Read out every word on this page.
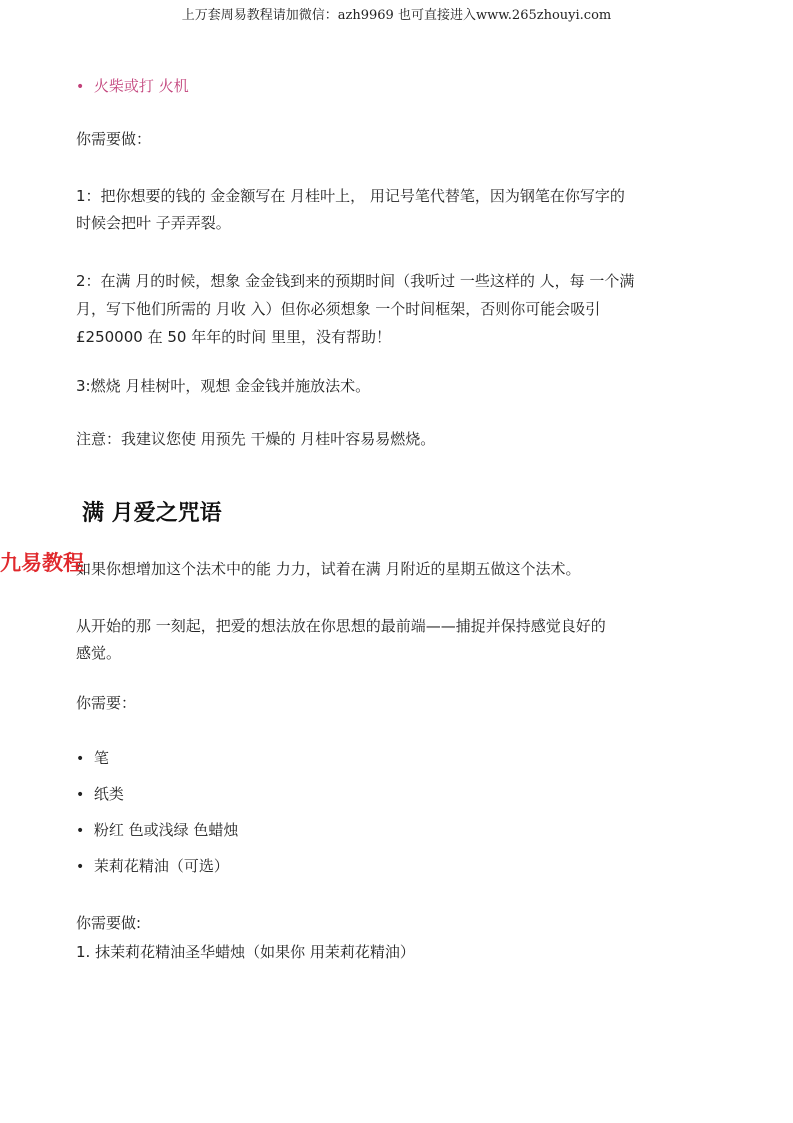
上万套周易教程请加微信：azh9969 也可直接进入www.265zhouyi.com
• 火柴或打 火机
你需要做：
1：把你想要的钱的 金金额写在 月桂叶上， 用记号笔代替笔，因为钢笔在你写字的
时候会把叶 子弄弄裂。
2：在满 月的时候，想象 金金钱到来的预期时间（我听过 一些这样的 人，每 一个满
月，写下他们所需的 月收 入）但你必须想象 一个时间框架，否则你可能会吸引
£250000 在 50 年年的时间 里里，没有帮助！
3:燃烧 月桂树叶，观想 金金钱并施放法术。
注意：我建议您使 用预先 干燥的 月桂叶容易易燃烧。
满 月爱之咒语
如果你想增加这个法术中的能 力力，试着在满 月附近的星期五做这个法术。
九易教程
从开始的那 一刻起，把爱的想法放在你思想的最前端——捕捉并保持感觉良好的
感觉。
你需要：
• 笔
• 纸类
• 粉红 色或浅绿 色蜡烛
• 茉莉花精油（可选）
你需要做:
1. 抹茉莉花精油圣华蜡烛（如果你 用茉莉花精油）
